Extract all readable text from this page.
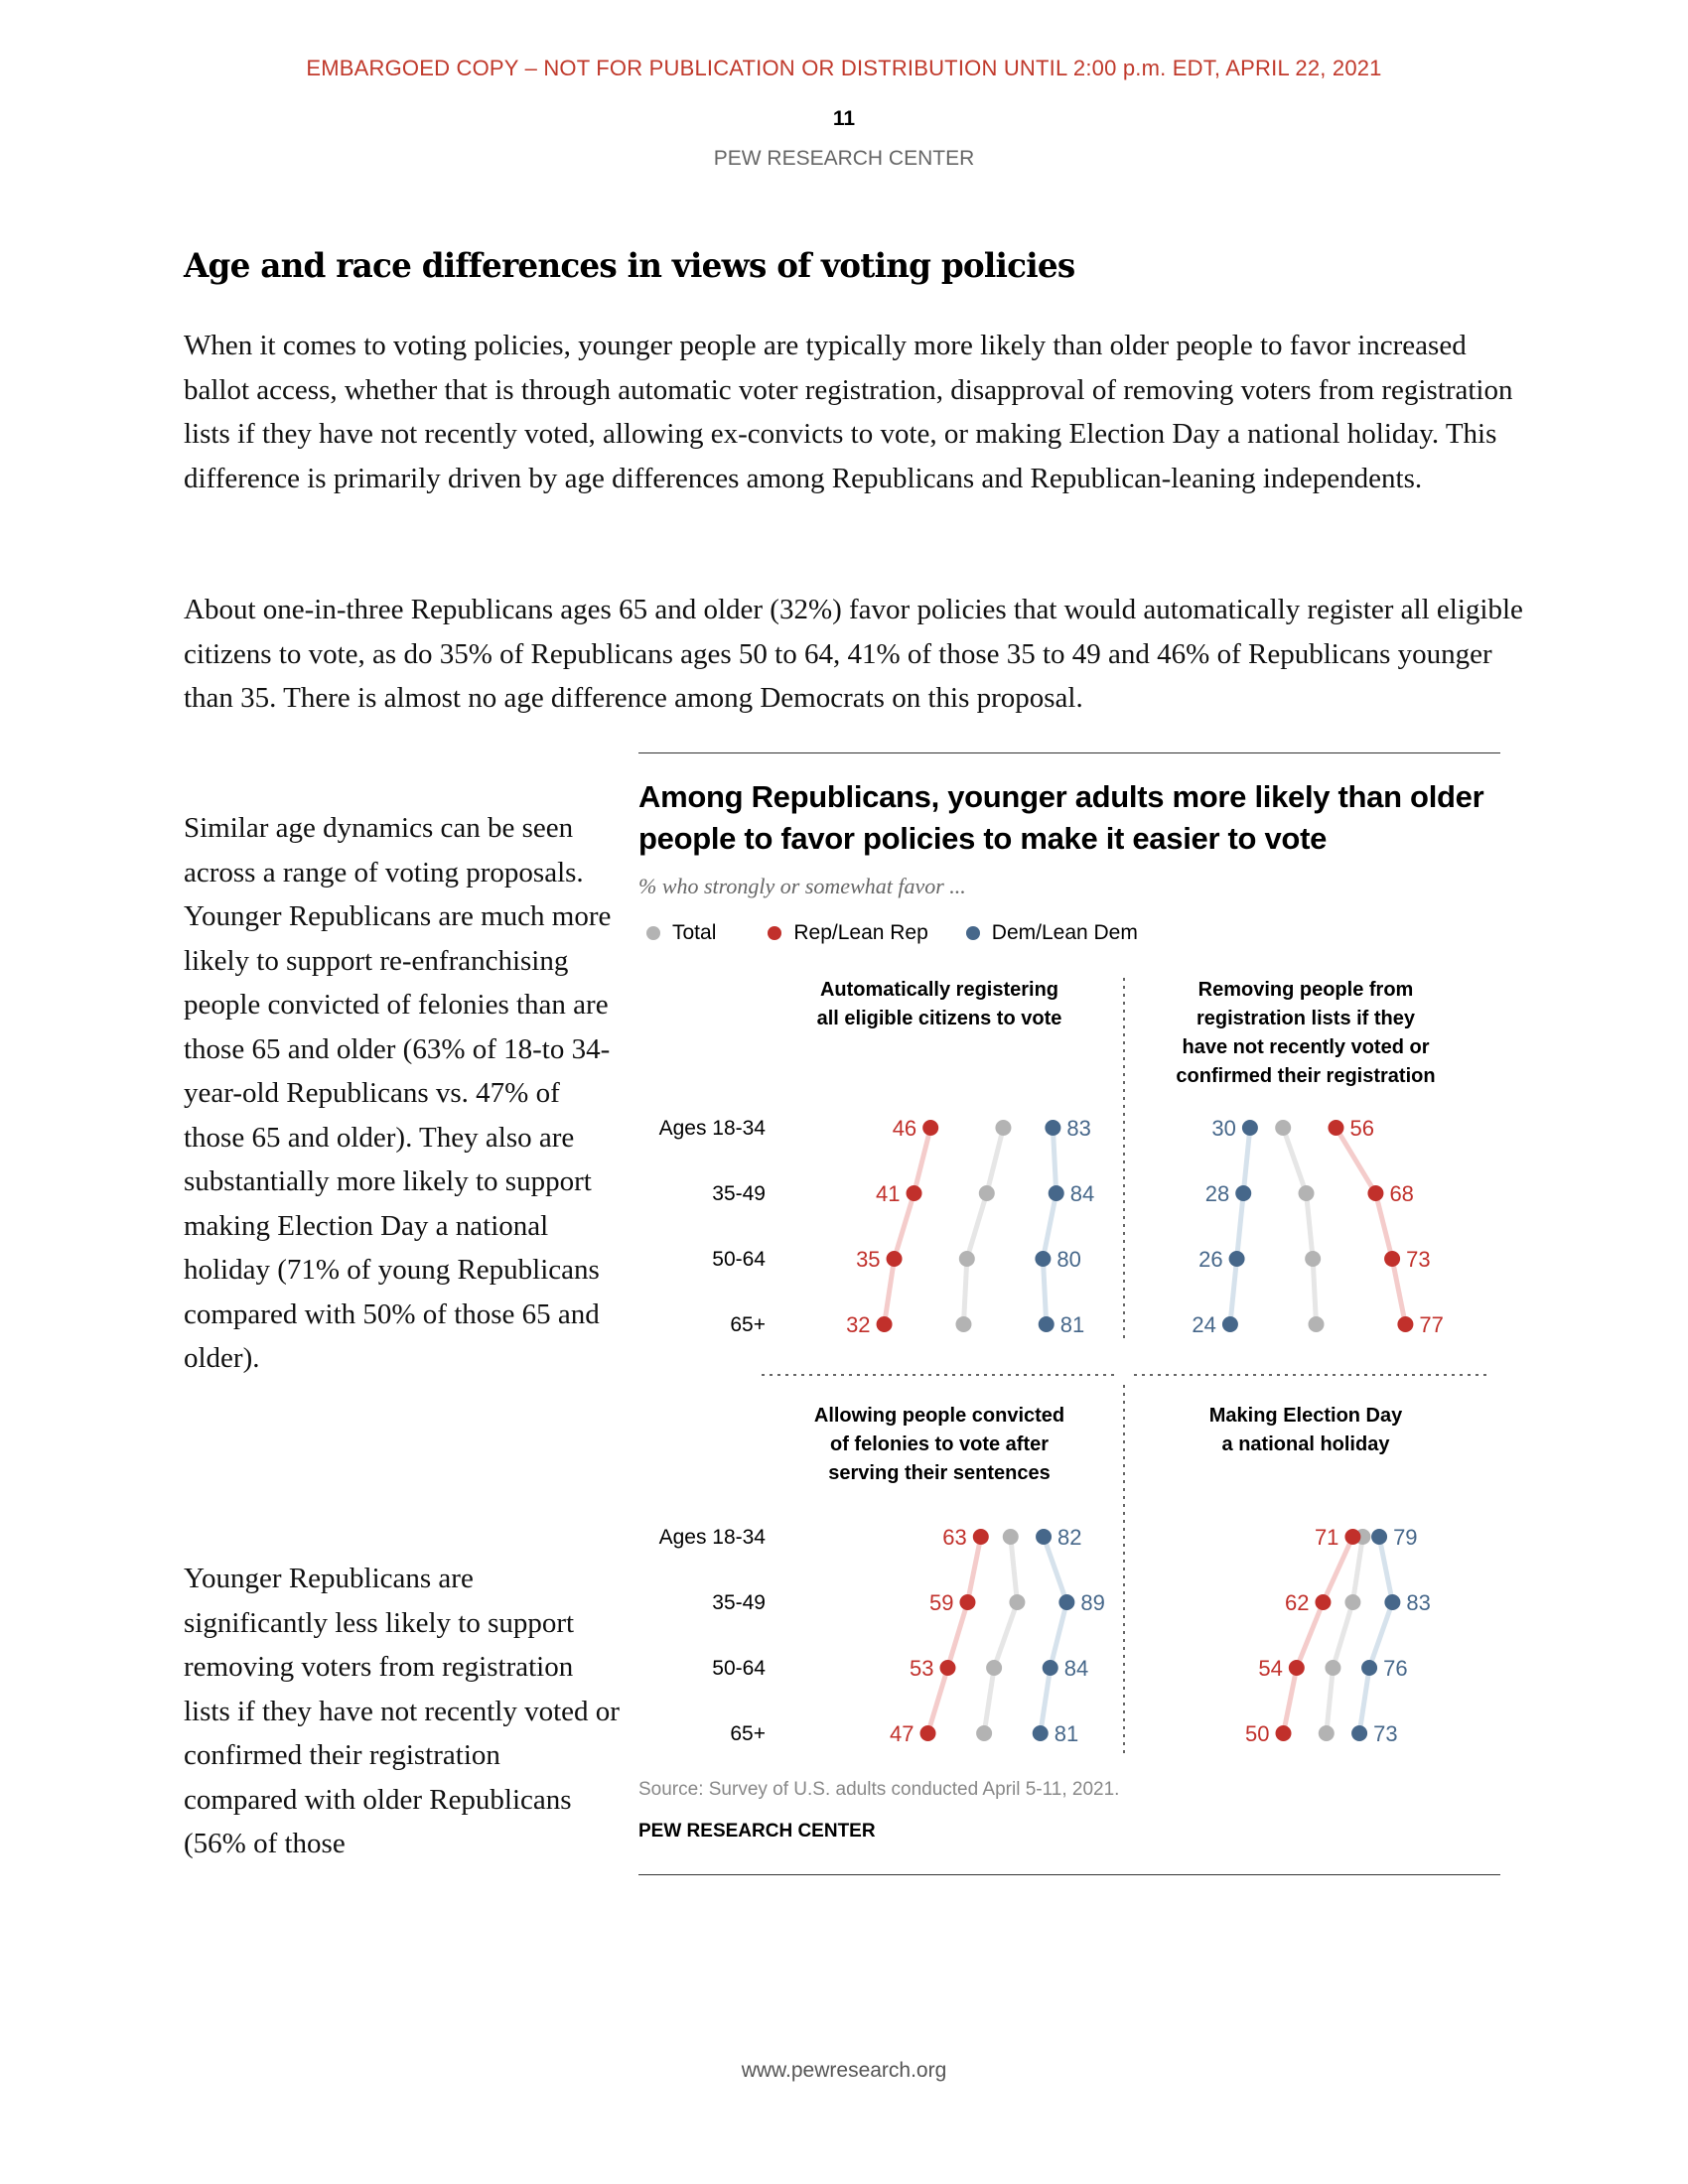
EMBARGOED COPY – NOT FOR PUBLICATION OR DISTRIBUTION UNTIL 2:00 p.m. EDT, APRIL 22, 2021
11
PEW RESEARCH CENTER
Age and race differences in views of voting policies

When it comes to voting policies, younger people are typically more likely than older people to favor increased ballot access, whether that is through automatic voter registration, disapproval of removing voters from registration lists if they have not recently voted, allowing ex-convicts to vote, or making Election Day a national holiday. This difference is primarily driven by age differences among Republicans and Republican-leaning independents.

About one-in-three Republicans ages 65 and older (32%) favor policies that would automatically register all eligible citizens to vote, as do 35% of Republicans ages 50 to 64, 41% of those 35 to 49 and 46% of Republicans younger than 35. There is almost no age difference among Democrats on this proposal.

Similar age dynamics can be seen across a range of voting proposals. Younger Republicans are much more likely to support re-enfranchising people convicted of felonies than are those 65 and older (63% of 18-to 34-year-old Republicans vs. 47% of those 65 and older). They also are substantially more likely to support making Election Day a national holiday (71% of young Republicans compared with 50% of those 65 and older).

Younger Republicans are significantly less likely to support removing voters from registration lists if they have not recently voted or confirmed their registration compared with older Republicans (56% of those

Among Republicans, younger adults more likely than older people to favor policies to make it easier to vote
% who strongly or somewhat favor ...
Total	Rep/Lean Rep	Dem/Lean Dem
Automatically registering
all eligible citizens to vote
Ages 18-34
35-49
50-64
65+
46
41
35
32
83
84
80
81
Removing people from
registration lists if they
have not recently voted or
confirmed their registration
56
68
73
77
30
28
26
24
Allowing people convicted
of felonies to vote after
serving their sentences
Ages 18-34
35-49
50-64
65+
63
59
53
47
82
89
84
81
Making Election Day
a national holiday
71
62
54
50
79
83
76
73
Source: Survey of U.S. adults conducted April 5-11, 2021.
PEW RESEARCH CENTER
www.pewresearch.org
